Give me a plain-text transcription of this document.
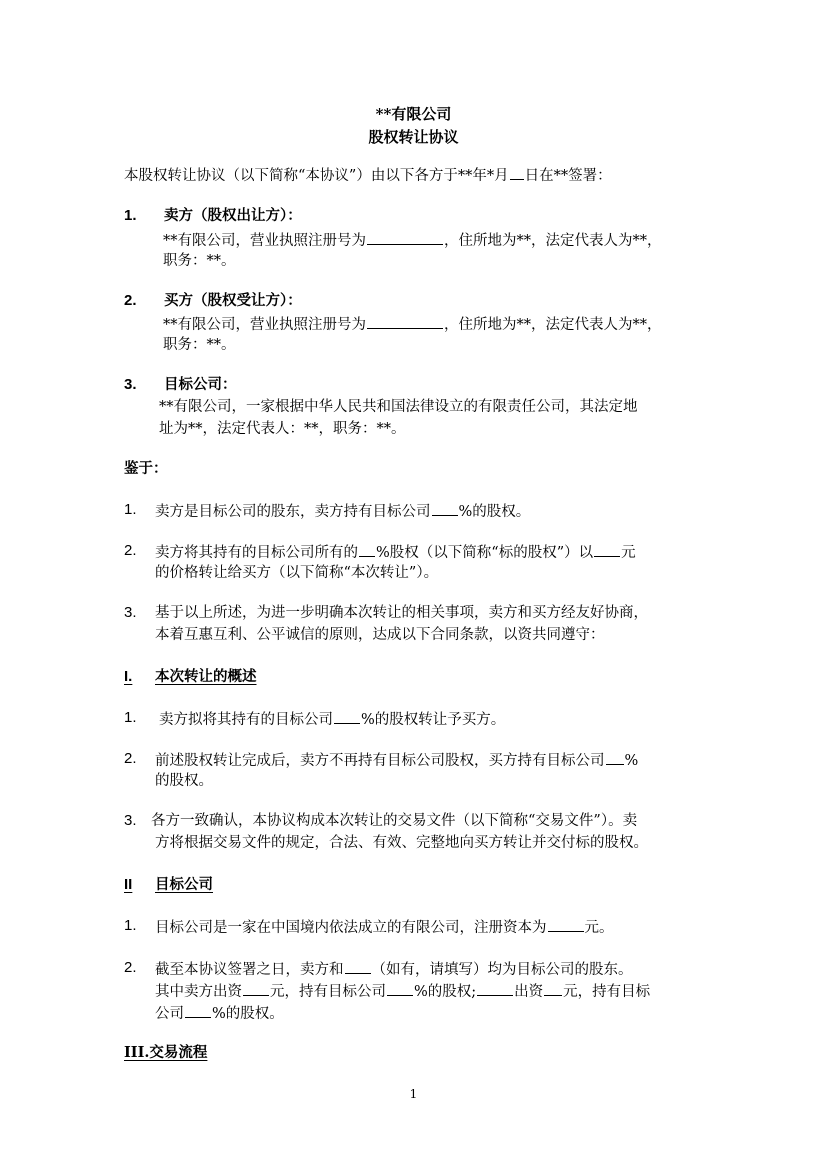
**有限公司
股权转让协议
本股权转让协议（以下简称“本协议”）由以下各方于**年*月 日在**签署：
1. 卖方（股权出让方）：
**有限公司，营业执照注册号为	，住所地为**，法定代表人为**，
职务：**。
2. 买方（股权受让方）：
**有限公司，营业执照注册号为	，住所地为**，法定代表人为**，
职务：**。
3. 目标公司：
**有限公司，一家根据中华人民共和国法律设立的有限责任公司，其法定地
址为**，法定代表人：**，职务：**。
鉴于：
1. 卖方是目标公司的股东，卖方持有目标公司 %的股权。
2. 卖方将其持有的目标公司所有的 %股权（以下简称“标的股权”）以 元
的价格转让给买方（以下简称“本次转让”）。
3. 基于以上所述，为进一步明确本次转让的相关事项，卖方和买方经友好协商，
本着互惠互利、公平诚信的原则，达成以下合同条款，以资共同遵守：
I. 本次转让的概述
1. 卖方拟将其持有的目标公司 %的股权转让予买方。
2. 前述股权转让完成后，卖方不再持有目标公司股权，买方持有目标公司 %
的股权。
3. 各方一致确认，本协议构成本次转让的交易文件（以下简称“交易文件”）。卖
方将根据交易文件的规定，合法、有效、完整地向买方转让并交付标的股权。
II 目标公司
1. 目标公司是一家在中国境内依法成立的有限公司，注册资本为	元。
2. 截至本协议签署之日，卖方和 （如有，请填写）均为目标公司的股东。
其中卖方出资 元，持有目标公司 %的股权;	出资 元，持有目标
公司 %的股权。
III.交易流程
1
